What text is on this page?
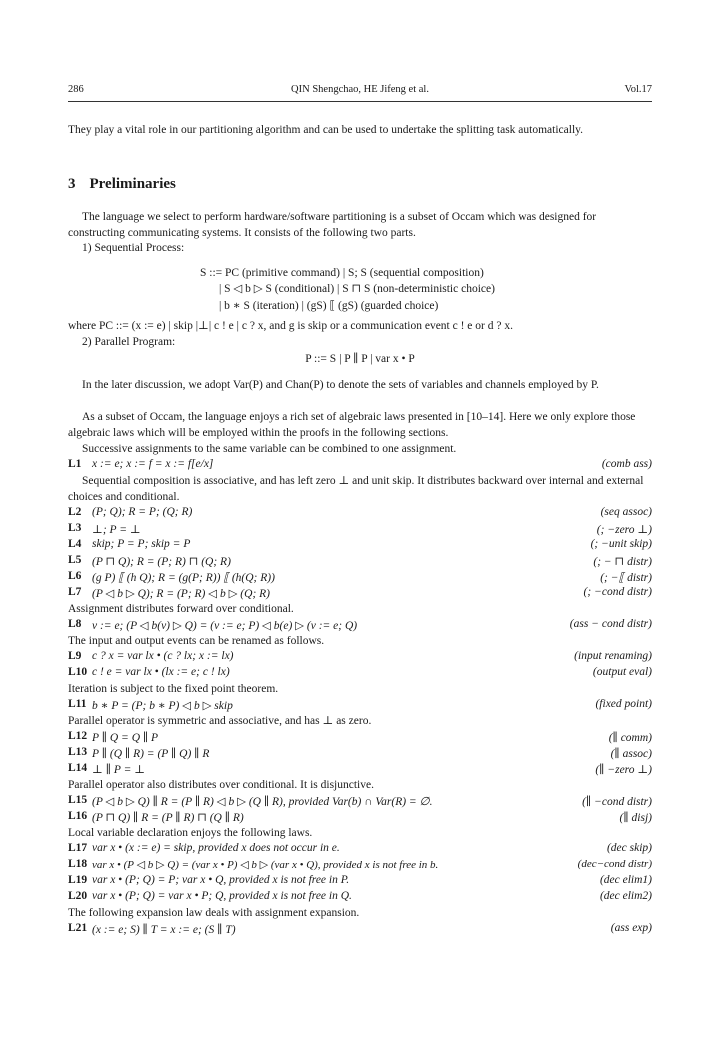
286	QIN Shengchao, HE Jifeng et al.	Vol.17
They play a vital role in our partitioning algorithm and can be used to undertake the splitting task automatically.
3 Preliminaries
The language we select to perform hardware/software partitioning is a subset of Occam which was designed for constructing communicating systems. It consists of the following two parts.
1) Sequential Process:
S ::= PC (primitive command) | S; S (sequential composition)
| S ◁ b ▷ S (conditional) | S ⊓ S (non-deterministic choice)
| b ∗ S (iteration) | (gS) ⟦ (gS) (guarded choice)
where PC ::= (x := e) | skip |⊥| c ! e | c ? x, and g is skip or a communication event c ! e or d ? x.
2) Parallel Program:
P ::= S | P ∥ P | var x • P
In the later discussion, we adopt Var(P) and Chan(P) to denote the sets of variables and channels employed by P.
As a subset of Occam, the language enjoys a rich set of algebraic laws presented in [10–14]. Here we only explore those algebraic laws which will be employed within the proofs in the following sections.
Successive assignments to the same variable can be combined to one assignment.
L1 x := e; x := f = x := f[e/x]	(comb ass)
Sequential composition is associative, and has left zero ⊥ and unit skip. It distributes backward over internal and external choices and conditional.
L2 (P; Q); R = P; (Q; R)	(seq assoc)
L3 ⊥; P = ⊥	(; −zero ⊥)
L4 skip; P = P; skip = P	(; −unit skip)
L5 (P ⊓ Q); R = (P; R) ⊓ (Q; R)	(; − ⊓ distr)
L6 (g P) ⟦ (h Q); R = (g(P; R)) ⟦ (h(Q; R))	(; −⟦ distr)
L7 (P ◁ b ▷ Q); R = (P; R) ◁ b ▷ (Q; R)	(; −cond distr)
Assignment distributes forward over conditional.
L8 v := e; (P ◁ b(v) ▷ Q) = (v := e; P) ◁ b(e) ▷ (v := e; Q)	(ass − cond distr)
The input and output events can be renamed as follows.
L9 c ? x = var lx • (c ? lx; x := lx)	(input renaming)
L10 c ! e = var lx • (lx := e; c ! lx)	(output eval)
Iteration is subject to the fixed point theorem.
L11 b ∗ P = (P; b ∗ P) ◁ b ▷ skip	(fixed point)
Parallel operator is symmetric and associative, and has ⊥ as zero.
L12 P ∥ Q = Q ∥ P	(∥ comm)
L13 P ∥ (Q ∥ R) = (P ∥ Q) ∥ R	(∥ assoc)
L14 ⊥ ∥ P = ⊥	(∥ −zero ⊥)
Parallel operator also distributes over conditional. It is disjunctive.
L15 (P ◁ b ▷ Q) ∥ R = (P ∥ R) ◁ b ▷ (Q ∥ R), provided Var(b) ∩ Var(R) = ∅.	(∥ −cond distr)
L16 (P ⊓ Q) ∥ R = (P ∥ R) ⊓ (Q ∥ R)	(∥ disj)
Local variable declaration enjoys the following laws.
L17 var x • (x := e) = skip, provided x does not occur in e.	(dec skip)
L18 var x • (P ◁ b ▷ Q) = (var x • P) ◁ b ▷ (var x • Q), provided x is not free in b.	(dec−cond distr)
L19 var x • (P; Q) = P; var x • Q, provided x is not free in P.	(dec elim1)
L20 var x • (P; Q) = var x • P; Q, provided x is not free in Q.	(dec elim2)
The following expansion law deals with assignment expansion.
L21 (x := e; S) ∥ T = x := e; (S ∥ T)	(ass exp)
